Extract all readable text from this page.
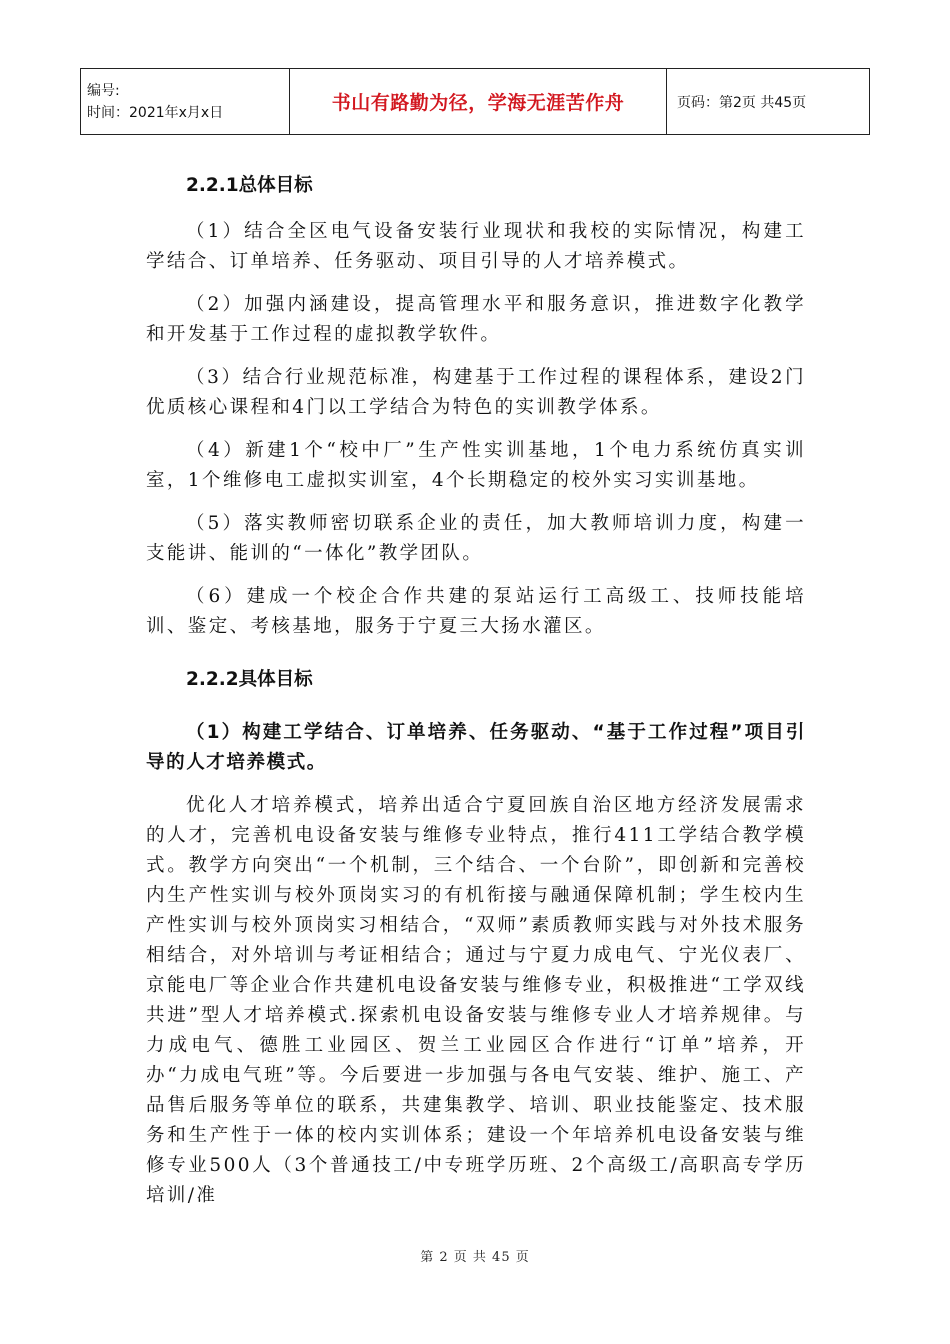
编号:
时间：2021年x月x日	书山有路勤为径，学海无涯苦作舟	页码：第2页 共45页
2.2.1总体目标

（1）结合全区电气设备安装行业现状和我校的实际情况，构建工学结合、订单培养、任务驱动、项目引导的人才培养模式。

（2）加强内涵建设，提高管理水平和服务意识，推进数字化教学和开发基于工作过程的虚拟教学软件。

（3）结合行业规范标准，构建基于工作过程的课程体系，建设2门优质核心课程和4门以工学结合为特色的实训教学体系。

（4）新建1个“校中厂”生产性实训基地，1个电力系统仿真实训室，1个维修电工虚拟实训室，4个长期稳定的校外实习实训基地。

（5）落实教师密切联系企业的责任，加大教师培训力度，构建一支能讲、能训的“一体化”教学团队。

（6）建成一个校企合作共建的泵站运行工高级工、技师技能培训、鉴定、考核基地，服务于宁夏三大扬水灌区。

2.2.2具体目标

（1）构建工学结合、订单培养、任务驱动、“基于工作过程”项目引导的人才培养模式。

优化人才培养模式，培养出适合宁夏回族自治区地方经济发展需求的人才，完善机电设备安装与维修专业特点，推行411工学结合教学模式。教学方向突出“一个机制，三个结合、一个台阶”，即创新和完善校内生产性实训与校外顶岗实习的有机衔接与融通保障机制；学生校内生产性实训与校外顶岗实习相结合，“双师”素质教师实践与对外技术服务相结合，对外培训与考证相结合；通过与宁夏力成电气、宁光仪表厂、京能电厂等企业合作共建机电设备安装与维修专业，积极推进“工学双线共进”型人才培养模式.探索机电设备安装与维修专业人才培养规律。与力成电气、德胜工业园区、贺兰工业园区合作进行“订单”培养，开办“力成电气班”等。今后要进一步加强与各电气安装、维护、施工、产品售后服务等单位的联系，共建集教学、培训、职业技能鉴定、技术服务和生产性于一体的校内实训体系；建设一个年培养机电设备安装与维修专业500人（3个普通技工/中专班学历班、2个高级工/高职高专学历培训/准

第 2 页 共 45 页
